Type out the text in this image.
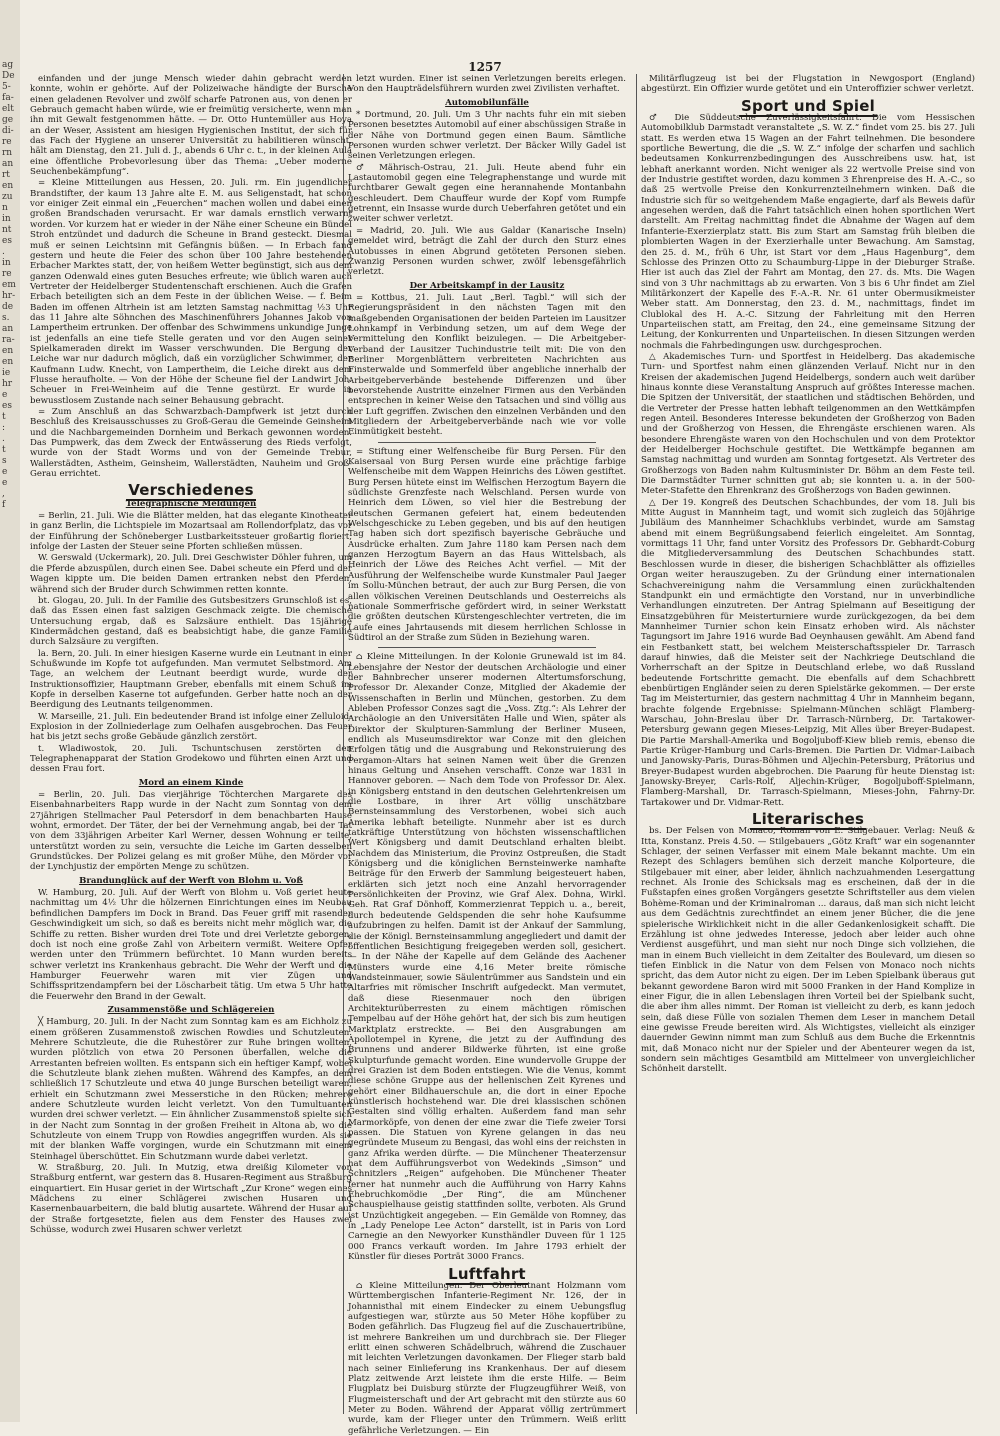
ag
De
5-
fa-
elt
ge
di-
re
rn
an
rt
en
zu
n
in
nt
es
.
in
re
em
hr-
de
s.
an
ra-
en
en
ie
hr
e
es
t
:
.
t
s
e
e
,
f
1257

einfanden und der junge Mensch wieder dahin gebracht werden konnte, wohin er gehörte. Auf der Polizeiwache händigte der Bursche einen geladenen Revolver und zwölf scharfe Patronen aus, von denen er Gebrauch gemacht haben würde, wie er freimütig versicherte, wenn man ihn mit Gewalt festgenommen hätte. — Dr. Otto Huntemüller aus Hoya an der Weser, Assistent am hiesigen Hygienischen Institut, der sich für das Fach der Hygiene an unserer Universität zu habilitieren wünscht, hält am Dienstag, den 21. Juli d. J., abends 6 Uhr c. t., in der kleinen Aula eine öffentliche Probevorlesung über das Thema: „Ueber moderne Seuchenbekämpfung“.

= Kleine Mitteilungen aus Hessen, 20. Juli. rm. Ein jugendlicher Brandstifter, der kaum 13 Jahre alte E. M. aus Seligenstadt, hat schon vor einiger Zeit einmal ein „Feuerchen“ machen wollen und dabei einen großen Brandschaden verursacht. Er war damals ernstlich verwarnt worden. Vor kurzem hat er wieder in der Nähe einer Scheune ein Bündel Stroh entzündet und dadurch die Scheune in Brand gesteckt. Diesmal muß er seinen Leichtsinn mit Gefängnis büßen. — In Erbach fand gestern und heute die Feier des schon über 100 Jahre bestehenden Erbacher Marktes statt, der, von heißem Wetter begünstigt, sich aus dem ganzen Odenwald eines guten Besuches erfreute; wie üblich waren auch Vertreter der Heidelberger Studentenschaft erschienen. Auch die Grafen Erbach beteiligten sich an dem Feste in der üblichen Weise. — f. Beim Baden im offenen Altrhein ist am letzten Samstag nachmittag ½3 Uhr das 11 Jahre alte Söhnchen des Maschinenführers Johannes Jakob von Lampertheim ertrunken. Der offenbar des Schwimmens unkundige Junge ist jedenfalls an eine tiefe Stelle geraten und vor den Augen seiner Spielkameraden direkt im Wasser verschwunden. Die Bergung der Leiche war nur dadurch möglich, daß ein vorzüglicher Schwimmer, der Kaufmann Ludw. Knecht, von Lampertheim, die Leiche direkt aus dem Flusse heraufholte. — Von der Höhe der Scheune fiel der Landwirt Joh. Scheuer in Frei-Weinheim auf die Tenne gestürzt. Er wurde in bewusstlosem Zustande nach seiner Behausung gebracht.

= Zum Anschluß an das Schwarzbach-Dampfwerk ist jetzt durch Beschluß des Kreisausschusses zu Groß-Gerau die Gemeinde Geinsheim und die Nachbargemeinden Dornheim und Berkach gewonnen worden. Das Pumpwerk, das dem Zweck der Entwässerung des Rieds verfolgt, wurde von der Stadt Worms und von der Gemeinde Trebur, Wallerstädten, Astheim, Geinsheim, Wallerstädten, Nauheim und Groß-Gerau errichtet.

Verschiedenes
Telegraphische Meldungen

= Berlin, 21. Juli. Wie die Blätter melden, hat das elegante Kinotheater in ganz Berlin, die Lichtspiele im Mozartsaal am Rollendorfplatz, das vor der Einführung der Schöneberger Lustbarkeitssteuer großartig floriert, infolge der Lasten der Steuer seine Pforten schließen müssen.

W. Gerswald (Uckermark), 20. Juli. Drei Geschwister Döhler fuhren, um die Pferde abzuspülen, durch einen See. Dabei scheute ein Pferd und der Wagen kippte um. Die beiden Damen ertranken nebst den Pferden, während sich der Bruder durch Schwimmen retten konnte.

bt. Glogau, 20. Juli. In der Familie des Gutsbesitzers Grunschloß ist es, daß das Essen einen fast salzigen Geschmack zeigte. Die chemische Untersuchung ergab, daß es Salzsäure enthielt. Das 15jährige Kindermädchen gestand, daß es beabsichtigt habe, die ganze Familie durch Salzsäure zu vergiften.

la. Bern, 20. Juli. In einer hiesigen Kaserne wurde ein Leutnant in einer Schußwunde im Kopfe tot aufgefunden. Man vermutet Selbstmord. Am Tage, an welchem der Leutnant beerdigt wurde, wurde der Instruktionsoffizier, Hauptmann Greber, ebenfalls mit einem Schuß im Kopfe in derselben Kaserne tot aufgefunden. Gerber hatte noch an der Beerdigung des Leutnants teilgenommen.

W. Marseille, 21. Juli. Ein bedeutender Brand ist infolge einer Zelluloid-Explosion in der Zollniederlage zum Oelhafen ausgebrochen. Das Feuer hat bis jetzt sechs große Gebäude gänzlich zerstört.

t. Wladiwostok, 20. Juli. Tschuntschusen zerstörten den Telegraphenapparat der Station Grodekowo und führten einen Arzt und dessen Frau fort.

Mord an einem Kinde

= Berlin, 20. Juli. Das vierjährige Töchterchen Margarete des Eisenbahnarbeiters Rapp wurde in der Nacht zum Sonntag von dem 27jährigen Stellmacher Paul Petersdorf in dem benachbarten Hause wohnt, ermordet. Der Täter, der bei der Vernehmung angab, bei der Tat von dem 33jährigen Arbeiter Karl Werner, dessen Wohnung er teilte, unterstützt worden zu sein, versuchte die Leiche im Garten desselben Grundstückes. Der Polizei gelang es mit großer Mühe, den Mörder vor der Lynchjustiz der empörten Menge zu schützen.

Brandunglück auf der Werft von Blohm u. Voß

W. Hamburg, 20. Juli. Auf der Werft von Blohm u. Voß geriet heute nachmittag um 4½ Uhr die hölzernen Einrichtungen eines im Neubau befindlichen Dampfers im Dock in Brand. Das Feuer griff mit rasender Geschwindigkeit um sich, so daß es bereits nicht mehr möglich war, die Schiffe zu retten. Bisher wurden drei Tote und drei Verletzte geborgen, doch ist noch eine große Zahl von Arbeitern vermißt. Weitere Opfer werden unter den Trümmern befürchtet. 10 Mann wurden bereits schwer verletzt ins Krankenhaus gebracht. Die Wehr der Werft und die Hamburger Feuerwehr waren mit vier Zügen und Schiffsspritzendampfern bei der Löscharbeit tätig. Um etwa 5 Uhr hatte die Feuerwehr den Brand in der Gewalt.

Zusammenstöße und Schlägereien

╳ Hamburg, 20. Juli. In der Nacht zum Sonntag kam es am Eichholz zu einem größeren Zusammenstoß zwischen Rowdies und Schutzleuten. Mehrere Schutzleute, die die Ruhestörer zur Ruhe bringen wollten, wurden plötzlich von etwa 20 Personen überfallen, welche die Arrestanten befreien wollten. Es entspann sich ein heftiger Kampf, wobei die Schutzleute blank ziehen mußten. Während des Kampfes, an dem schließlich 17 Schutzleute und etwa 40 junge Burschen beteiligt waren, erhielt ein Schutzmann zwei Messerstiche in den Rücken; mehrere andere Schutzleute wurden leicht verletzt. Von den Tumultuanten wurden drei schwer verletzt. — Ein ähnlicher Zusammenstoß spielte sich in der Nacht zum Sonntag in der großen Freiheit in Altona ab, wo die Schutzleute von einem Trupp von Rowdies angegriffen wurden. Als sie mit der blanken Waffe vorgingen, wurde ein Schutzmann mit einem Steinhagel überschüttet. Ein Schutzmann wurde dabei verletzt.

W. Straßburg, 20. Juli. In Mutzig, etwa dreißig Kilometer von Straßburg entfernt, war gestern das 8. Husaren-Regiment aus Straßburg einquartiert. Ein Husar geriet in der Wirtschaft „Zur Krone“ wegen eines Mädchens zu einer Schlägerei zwischen Husaren und Kasernenbauarbeitern, die bald blutig ausartete. Während der Husar auf der Straße fortgesetzte, fielen aus dem Fenster des Hauses zwei Schüsse, wodurch zwei Husaren schwer verletzt

letzt wurden. Einer ist seinen Verletzungen bereits erlegen. Von den Haupträdelsführern wurden zwei Zivilisten verhaftet.

Automobilunfälle

* Dortmund, 20. Juli. Um 3 Uhr nachts fuhr ein mit sieben Personen besetztes Automobil auf einer abschüssigen Straße in der Nähe von Dortmund gegen einen Baum. Sämtliche Personen wurden schwer verletzt. Der Bäcker Willy Gadel ist seinen Verletzungen erlegen.

♂ Mährisch-Ostrau, 21. Juli. Heute abend fuhr ein Lastautomobil gegen eine Telegraphenstange und wurde mit furchtbarer Gewalt gegen eine herannahende Montanbahn geschleudert. Dem Chauffeur wurde der Kopf vom Rumpfe getrennt, ein Insasse wurde durch Ueberfahren getötet und ein zweiter schwer verletzt.

= Madrid, 20. Juli. Wie aus Galdar (Kanarische Inseln) gemeldet wird, beträgt die Zahl der durch den Sturz eines Autobusses in einen Abgrund getöteten Personen sieben. Zwanzig Personen wurden schwer, zwölf lebensgefährlich verletzt.

Der Arbeitskampf in der Lausitz

= Kottbus, 21. Juli. Laut „Berl. Tagbl.“ will sich der Regierungspräsident in den nächsten Tagen mit den maßgebenden Organisationen der beiden Parteien im Lausitzer Lohnkampf in Verbindung setzen, um auf dem Wege der Vermittelung den Konflikt beizulegen. — Die Arbeitgeber-Verband der Lausitzer Tuchindustrie teilt mit: Die von den Berliner Morgenblättern verbreiteten Nachrichten aus Finsterwalde und Sommerfeld über angebliche innerhalb der Arbeitgeberverbände bestehende Differenzen und über bevorstehende Austritte einzelner Firmen aus den Verbänden entsprechen in keiner Weise den Tatsachen und sind völlig aus der Luft gegriffen. Zwischen den einzelnen Verbänden und den Mitgliedern der Arbeitgeberverbände nach wie vor volle Einmütigkeit besteht.

= Stiftung einer Welfenscheibe für Burg Persen. Für den Kaisersaal von Burg Persen wurde eine prächtige farbige Welfenscheibe mit dem Wappen Heinrichs des Löwen gestiftet. Burg Persen hütete einst im Welfischen Herzogtum Bayern die südlichste Grenzfeste nach Welschland. Persen wurde von Heinrich dem Löwen, so viel hier die Bestrebung der deutschen Germanen gefeiert hat, einem bedeutenden Welschgeschicke zu Leben gegeben, und bis auf den heutigen Tag haben sich dort spezifisch bayerische Gebräuche und Ausdrücke erhalten. Zum Jahre 1180 kam Persen nach dem ganzen Herzogtum Bayern an das Haus Wittelsbach, als Heinrich der Löwe des Reiches Acht verfiel. — Mit der Ausführung der Welfenscheibe wurde Kunstmaler Paul Jaeger im Sollu-München betraut, der auch zur Burg Persen, die von allen völkischen Vereinen Deutschlands und Oesterreichs als nationale Sommerfrische gefördert wird, in seiner Werkstatt die größten deutschen Kürstengeschlechter vertreten, die im Laufe eines Jahrtausends mit diesem herrlichen Schlosse in Südtirol an der Straße zum Süden in Beziehung waren.

⌂ Kleine Mitteilungen. In der Kolonie Grunewald ist im 84. Lebensjahre der Nestor der deutschen Archäologie und einer der Bahnbrecher unserer modernen Altertumsforschung, Professor Dr. Alexander Conze, Mitglied der Akademie der Wissenschaften in Berlin und München, gestorben. Zu dem Ableben Professor Conzes sagt die „Voss. Ztg.“: Als Lehrer der Archäologie an den Universitäten Halle und Wien, später als Direktor der Skulpturen-Sammlung der Berliner Museen, endlich als Museumsdirektor war Conze mit den gleichen Erfolgen tätig und die Ausgrabung und Rekonstruierung des Pergamon-Altars hat seinen Namen weit über die Grenzen hinaus Geltung und Ansehen verschafft. Conze war 1831 in Hannover geboren. — Nach dem Tode von Professor Dr. Alex. in Königsberg entstand in den deutschen Gelehrtenkreisen um die Lostbare, in ihrer Art völlig unschätzbare Bernsteinsammlung des Verstorbenen, wobei sich auch Amerika lebhaft beteiligte. Nunmehr aber ist es durch tatkräftige Unterstützung von höchsten wissenschaftlichen Wert Königsberg und damit Deutschland erhalten bleibt. Nachdem das Ministerium, die Provinz Ostpreußen, die Stadt Königsberg und die königlichen Bernsteinwerke namhafte Beiträge für den Erwerb der Sammlung beigesteuert haben, erklärten sich jetzt noch eine Anzahl hervorragender Persönlichkeiten der Provinz, wie Graf Alex. Dohna, Wirkl. Geh. Rat Graf Dönhoff, Kommerzienrat Teppich u. a., bereit, durch bedeutende Geldspenden die sehr hohe Kaufsumme aufzubringen zu helfen. Damit ist der Ankauf der Sammlung, die der Königl. Bernsteinsammlung angegliedert und damit der öffentlichen Besichtigung freigegeben werden soll, gesichert. — In der Nähe der Kapelle auf dem Gelände des Aachener Münsters wurde eine 4,16 Meter breite römische Wandsteinmauer, sowie Säulentrümmer aus Sandstein und ein Altarfries mit römischer Inschrift aufgedeckt. Man vermutet, daß diese Riesenmauer noch den übrigen Architekturüberresten zu einem mächtigen römischen Tempelbau auf der Höhe gehört hat, der sich bis zum heutigen Marktplatz erstreckte. — Bei den Ausgrabungen am Apollotempel in Kyrene, die jetzt zu der Auffindung des Brunnens und anderer Bildwerke führten, ist eine große Skulpturfunde gemacht worden. Eine wundervolle Gruppe der drei Grazien ist dem Boden entstiegen. Wie die Venus, kommt diese schöne Gruppe aus der hellenischen Zeit Kyrenes und gehört einer Bildhauerschule an, die dort in einer Epoche künstlerisch hochstehend war. Die drei klassischen schönen Gestalten sind völlig erhalten. Außerdem fand man sehr Marmorköpfe, von denen der eine zwar die Tiefe zweier Torsi passen. Die Statuen von Kyrene gelangen in das neu gegründete Museum zu Bengasi, das wohl eins der reichsten in ganz Afrika werden dürfte. — Die Münchener Theaterzensur hat dem Aufführungsverbot von Wedekinds „Simson“ und Schnitzlers „Reigen“ aufgehoben. Die Münchener Theater ferner hat nunmehr auch die Aufführung von Harry Kahns Ehebruchkomödie „Der Ring“, die am Münchener Schauspielhause geistig stattfinden sollte, verboten. Als Grund ist Unzüchtigkeit angegeben. — Ein Gemälde von Romney, das in „Lady Penelope Lee Acton“ darstellt, ist in Paris von Lord Carnegie an den Newyorker Kunsthändler Duveen für 1 125 000 Francs verkauft worden. Im Jahre 1793 erhielt der Künstler für dieses Porträt 3000 Francs.

Luftfahrt

⌂ Kleine Mitteilungen. Der Oberleutnant Holzmann vom Württembergischen Infanterie-Regiment Nr. 126, der in Johannisthal mit einem Eindecker zu einem Uebungsflug aufgestiegen war, stürzte aus 50 Meter Höhe kopfüber zu Boden gefährlich. Das Flugzeug fiel auf die Zuschauertribüne, ist mehrere Bankreihen um und durchbrach sie. Der Flieger erlitt einen schweren Schädelbruch, während die Zuschauer mit leichten Verletzungen davonkamen. Der Flieger starb bald nach seiner Einlieferung ins Krankenhaus. Der auf diesem Platz zeitwende Arzt leistete ihm die erste Hilfe. — Beim Flugplatz bei Duisburg stürzte der Flugzeugführer Weiß, von Flugmeisterschaft und der Art gebracht mit den stürzte aus 60 Meter zu Boden. Während der Apparat völlig zertrümmert wurde, kam der Flieger unter den Trümmern. Weiß erlitt gefährliche Verletzungen. — Ein

Militärflugzeug ist bei der Flugstation in Newgosport (England) abgestürzt. Ein Offizier wurde getötet und ein Unteroffizier schwer verletzt.

Sport und Spiel

♂ Die Süddeutsche Zuverlässigkeitsfahrt. Die vom Hessischen Automobilklub Darmstadt veranstaltete „S. W. Z.“ findet vom 25. bis 27. Juli statt. Es werden etwa 15 Wagen an der Fahrt teilnehmen. Die besondere sportliche Bewertung, die die „S. W. Z.“ infolge der scharfen und sachlich bedeutsamen Konkurrenzbedingungen des Ausschreibens usw. hat, ist lebhaft anerkannt worden. Nicht weniger als 22 wertvolle Preise sind von der Industrie gestiftet worden, dazu kommen 3 Ehrenpreise des H. A.-C., so daß 25 wertvolle Preise den Konkurrenzteilnehmern winken. Daß die Industrie sich für so weitgehendem Maße engagierte, darf als Beweis dafür angesehen werden, daß die Fahrt tatsächlich einen hohen sportlichen Wert darstellt. Am Freitag nachmittag findet die Abnahme der Wagen auf dem Infanterie-Exerzierplatz statt. Bis zum Start am Samstag früh bleiben die plombierten Wagen in der Exerzierhalle unter Bewachung. Am Samstag, den 25. d. M., früh 6 Uhr, ist Start vor dem „Haus Hagenburg“, dem Schlosse des Prinzen Otto zu Schaumburg-Lippe in der Dieburger Straße. Hier ist auch das Ziel der Fahrt am Montag, den 27. ds. Mts. Die Wagen sind von 3 Uhr nachmittags ab zu erwarten. Von 3 bis 6 Uhr findet am Ziel Militärkonzert der Kapelle des F.-A.-R. Nr. 61 unter Obermusikmeister Weber statt. Am Donnerstag, den 23. d. M., nachmittags, findet im Clublokal des H. A.-C. Sitzung der Fahrleitung mit den Herren Unparteiischen statt, am Freitag, den 24., eine gemeinsame Sitzung der Leitung, der Konkurrenten und Unparteiischen. In diesen Sitzungen werden nochmals die Fahrbedingungen usw. durchgesprochen.

△ Akademisches Turn- und Sportfest in Heidelberg. Das akademische Turn- und Sportfest nahm einen glänzenden Verlauf. Nicht nur in den Kreisen der akademischen Jugend Heidelbergs, sondern auch weit darüber hinaus konnte diese Veranstaltung Anspruch auf größtes Interesse machen. Die Spitzen der Universität, der staatlichen und städtischen Behörden, und die Vertreter der Presse hatten lebhaft teilgenommen an den Wettkämpfen regen Anteil. Besonderes Interesse bekundeten der Großherzog von Baden und der Großherzog von Hessen, die Ehrengäste erschienen waren. Als besondere Ehrengäste waren von den Hochschulen und von dem Protektor der Heidelberger Hochschule gestiftet. Die Wettkämpfe begannen am Samstag nachmittag und wurden am Sonntag fortgesetzt. Als Vertreter des Großherzogs von Baden nahm Kultusminister Dr. Böhm an dem Feste teil. Die Darmstädter Turner schnitten gut ab; sie konnten u. a. in der 500-Meter-Stafette den Ehrenkranz des Großherzogs von Baden gewinnen.

△ Der 19. Kongreß des Deutschen Schachbundes, der vom 18. Juli bis Mitte August in Mannheim tagt, und womit sich zugleich das 50jährige Jubiläum des Mannheimer Schachklubs verbindet, wurde am Samstag abend mit einem Begrüßungsabend feierlich eingeleitet. Am Sonntag, vormittags 11 Uhr, fand unter Vorsitz des Professors Dr. Gebhardt-Coburg die Mitgliederversammlung des Deutschen Schachbundes statt. Beschlossen wurde in dieser, die bisherigen Schachblätter als offizielles Organ weiter herauszugeben. Zu der Gründung einer internationalen Schachvereinigung nahm die Versammlung einen zurückhaltenden Standpunkt ein und ermächtigte den Vorstand, nur in unverbindliche Verhandlungen einzutreten. Der Antrag Spielmann auf Beseitigung der Einsatzgebühren für Meisterturniere wurde zurückgezogen, da bei dem Mannheimer Turnier schon kein Einsatz erhoben wird. Als nächster Tagungsort im Jahre 1916 wurde Bad Oeynhausen gewählt. Am Abend fand ein Festbankett statt, bei welchem Meisterschaftsspieler Dr. Tarrasch darauf hinwies, daß die Meister seit der Nachkriege Deutschland die Vorherrschaft an der Spitze in Deutschland erlebe, wo daß Russland bedeutende Fortschritte gemacht. Die ebenfalls auf dem Schachbrett ebenbürtigen Engländer seien zu deren Spielstärke gekommen. — Der erste Tag im Meisterturnier, das gestern nachmittag 4 Uhr in Mannheim begann, brachte folgende Ergebnisse: Spielmann-München schlägt Flamberg-Warschau, John-Breslau über Dr. Tarrasch-Nürnberg, Dr. Tartakower-Petersburg gewann gegen Mieses-Leipzig, Mit Alles über Breyer-Budapest. Die Partie Marshall-Amerika und Bogoljuboff-Kiew blieb remis, ebenso die Partie Krüger-Hamburg und Carls-Bremen. Die Partien Dr. Vidmar-Laibach und Janowsky-Paris, Duras-Böhmen und Aljechin-Petersburg, Prätorius und Breyer-Budapest wurden abgebrochen. Die Paarung für heute Dienstag ist: Janowsky-Breyer, Carls-Rolf, Aljechin-Krüger, Bogoljuboff-Spielmann, Flamberg-Marshall, Dr. Tarrasch-Spielmann, Mieses-John, Fahrny-Dr. Tartakower und Dr. Vidmar-Rett.

Literarisches

bs. Der Felsen von Monaco, Roman von E. Stilgebauer. Verlag: Neuß & Itta, Konstanz. Preis 4.50. — Stilgebauers „Götz Kraft“ war ein sogenannter Schlager, der seinen Verfasser mit einem Male bekannt machte. Um ein Rezept des Schlagers bemühen sich derzeit manche Kolporteure, die Stilgebauer mit einer, aber leider, ähnlich nachzuahmenden Lesergattung rechnet. Als Ironie des Schicksals mag es erscheinen, daß der in die Fußstapfen eines großen Vorgängers gesetzte Schriftsteller aus dem vielen Bohème-Roman und der Kriminalroman ... daraus, daß man sich nicht leicht aus dem Gedächtnis zurechtfindet an einem jener Bücher, die die jene spielerische Wirklichkeit nicht in die aller Gedankenlosigkeit schafft. Die Erzählung ist ohne jedwedes Interesse, jedoch aber leider auch ohne Verdienst ausgeführt, und man sieht nur noch Dinge sich vollziehen, die man in einem Buch vielleicht in dem Zeitalter des Boulevard, um diesen so tiefen Einblick in die Natur von dem Felsen von Monaco noch nichts spricht, das dem Autor nicht zu eigen. Der im Leben Spielbank überaus gut bekannt gewordene Baron wird mit 5000 Franken in der Hand Komplize in einer Figur, die in allen Lebenslagen ihren Vorteil bei der Spielbank sucht, die aber ihm alles nimmt. Der Roman ist vielleicht zu derb, es kann jedoch sein, daß diese Fülle von sozialen Themen dem Leser in manchem Detail eine gewisse Freude bereiten wird. Als Wichtigstes, vielleicht als einziger dauernder Gewinn nimmt man zum Schluß aus dem Buche die Erkenntnis mit, daß Monaco nicht nur der Spieler und der Abenteurer wegen da ist, sondern sein mächtiges Gesamtbild am Mittelmeer von unvergleichlicher Schönheit darstellt.
